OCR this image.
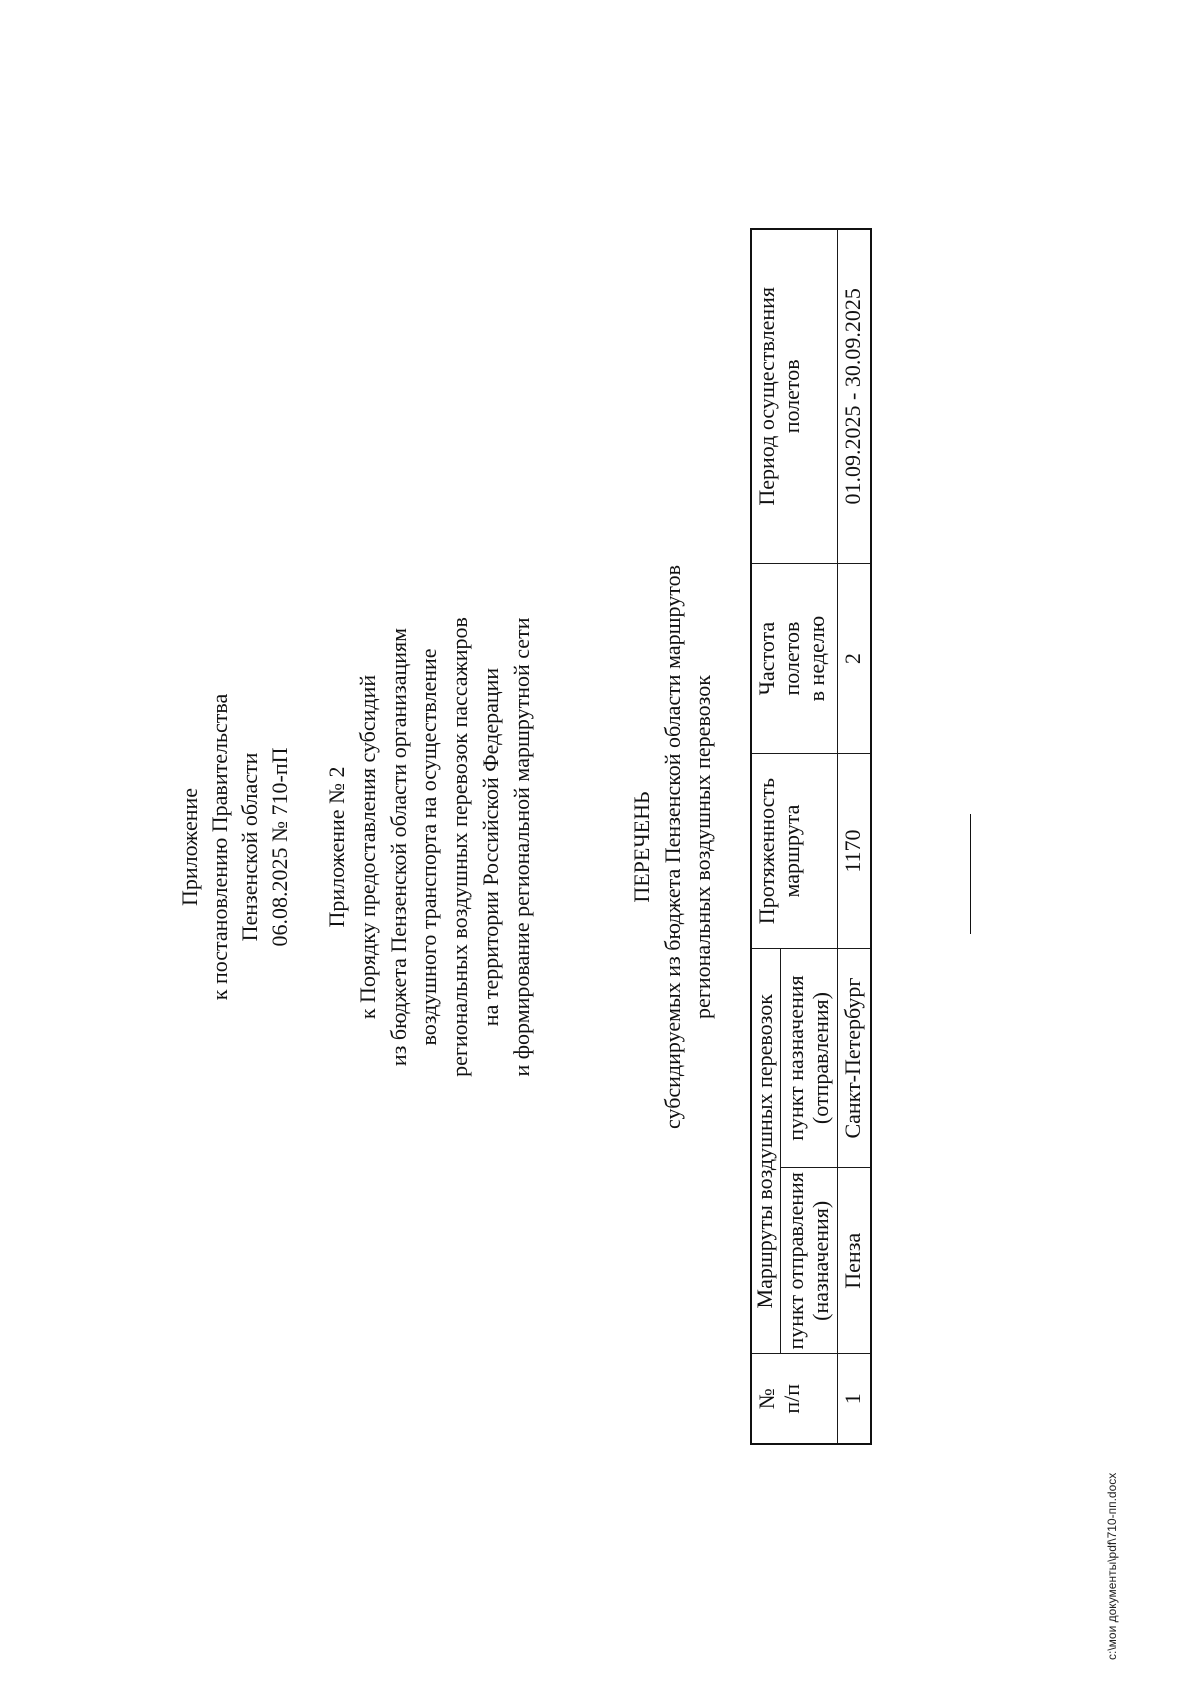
Приложение к постановлению Правительства Пензенской области 06.08.2025 № 710-пП Приложение № 2 к Порядку предоставления субсидий из бюджета Пензенской области организациям воздушного транспорта на осуществление региональных воздушных перевозок пассажиров на территории Российской Федерации и формирование региональной маршрутной сети	ПЕРЕЧЕНЬ субсидируемых из бюджета Пензенской области маршрутов региональных воздушных перевозок
№ п/п	Маршруты воздушных перевозок		Протяженность маршрута	Частота полетов в неделю	Период осуществления полетов

	пункт отправления (назначения)	пункт назначения (отправления)			

1	Пенза	Санкт-Петербург	1170	2	01.09.2025 - 30.09.2025
c:\мои документы\pdf\710-пп.docx
